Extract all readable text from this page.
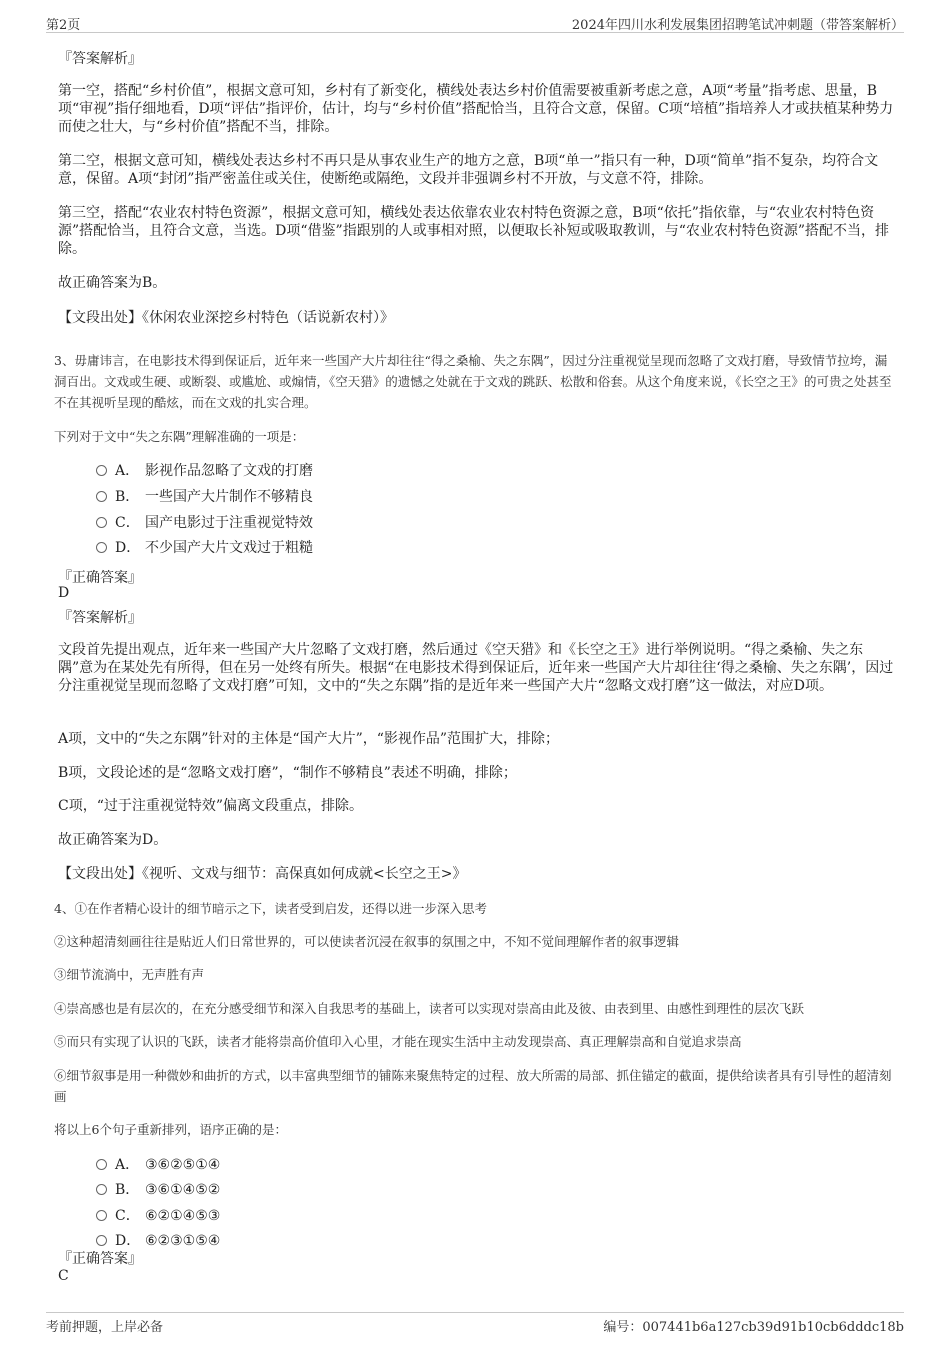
第2页	2024年四川水利发展集团招聘笔试冲刺题（带答案解析）
『答案解析』
第一空，搭配“乡村价值”，根据文意可知，乡村有了新变化，横线处表达乡村价值需要被重新考虑之意，A项“考量”指考虑、思量，B项“审视”指仔细地看，D项“评估”指评价，估计，均与“乡村价值”搭配恰当，且符合文意，保留。C项“培植”指培养人才或扶植某种势力而使之壮大，与“乡村价值”搭配不当，排除。
第二空，根据文意可知，横线处表达乡村不再只是从事农业生产的地方之意，B项“单一”指只有一种，D项“简单”指不复杂，均符合文意，保留。A项“封闭”指严密盖住或关住，使断绝或隔绝，文段并非强调乡村不开放，与文意不符，排除。
第三空，搭配“农业农村特色资源”，根据文意可知，横线处表达依靠农业农村特色资源之意，B项“依托”指依靠，与“农业农村特色资源”搭配恰当，且符合文意，当选。D项“借鉴”指跟别的人或事相对照，以便取长补短或吸取教训，与“农业农村特色资源”搭配不当，排除。
故正确答案为B。
【文段出处】《休闲农业深挖乡村特色（话说新农村）》
3、毋庸讳言，在电影技术得到保证后，近年来一些国产大片却往往“得之桑榆、失之东隅”，因过分注重视觉呈现而忽略了文戏打磨，导致情节拉垮，漏洞百出。文戏或生硬、或断裂、或尴尬、或煽情，《空天猎》的遗憾之处就在于文戏的跳跃、松散和俗套。从这个角度来说，《长空之王》的可贵之处甚至不在其视听呈现的酷炫，而在文戏的扎实合理。
下列对于文中“失之东隅”理解准确的一项是：
A． 影视作品忽略了文戏的打磨
B． 一些国产大片制作不够精良
C． 国产电影过于注重视觉特效
D． 不少国产大片文戏过于粗糙
『正确答案』
D
『答案解析』
文段首先提出观点，近年来一些国产大片忽略了文戏打磨，然后通过《空天猎》和《长空之王》进行举例说明。“得之桑榆、失之东隅”意为在某处先有所得，但在另一处终有所失。根据“在电影技术得到保证后，近年来一些国产大片却往往‘得之桑榆、失之东隅’，因过分注重视觉呈现而忽略了文戏打磨”可知，文中的“失之东隅”指的是近年来一些国产大片“忽略文戏打磨”这一做法，对应D项。
A项，文中的“失之东隅”针对的主体是“国产大片”，“影视作品”范围扩大，排除；
B项，文段论述的是“忽略文戏打磨”，“制作不够精良”表述不明确，排除；
C项，“过于注重视觉特效”偏离文段重点，排除。
故正确答案为D。
【文段出处】《视听、文戏与细节：高保真如何成就<长空之王>》
4、①在作者精心设计的细节暗示之下，读者受到启发，还得以进一步深入思考
②这种超清刻画往往是贴近人们日常世界的，可以使读者沉浸在叙事的氛围之中，不知不觉间理解作者的叙事逻辑
③细节流淌中，无声胜有声
④崇高感也是有层次的，在充分感受细节和深入自我思考的基础上，读者可以实现对崇高由此及彼、由表到里、由感性到理性的层次飞跃
⑤而只有实现了认识的飞跃，读者才能将崇高价值印入心里，才能在现实生活中主动发现崇高、真正理解崇高和自觉追求崇高
⑥细节叙事是用一种微妙和曲折的方式，以丰富典型细节的铺陈来聚焦特定的过程、放大所需的局部、抓住锚定的截面，提供给读者具有引导性的超清刻画
将以上6个句子重新排列，语序正确的是：
A． ③⑥②⑤①④
B． ③⑥①④⑤②
C． ⑥②①④⑤③
D． ⑥②③①⑤④
『正确答案』
C
考前押题，上岸必备	编号：007441b6a127cb39d91b10cb6dddc18b
